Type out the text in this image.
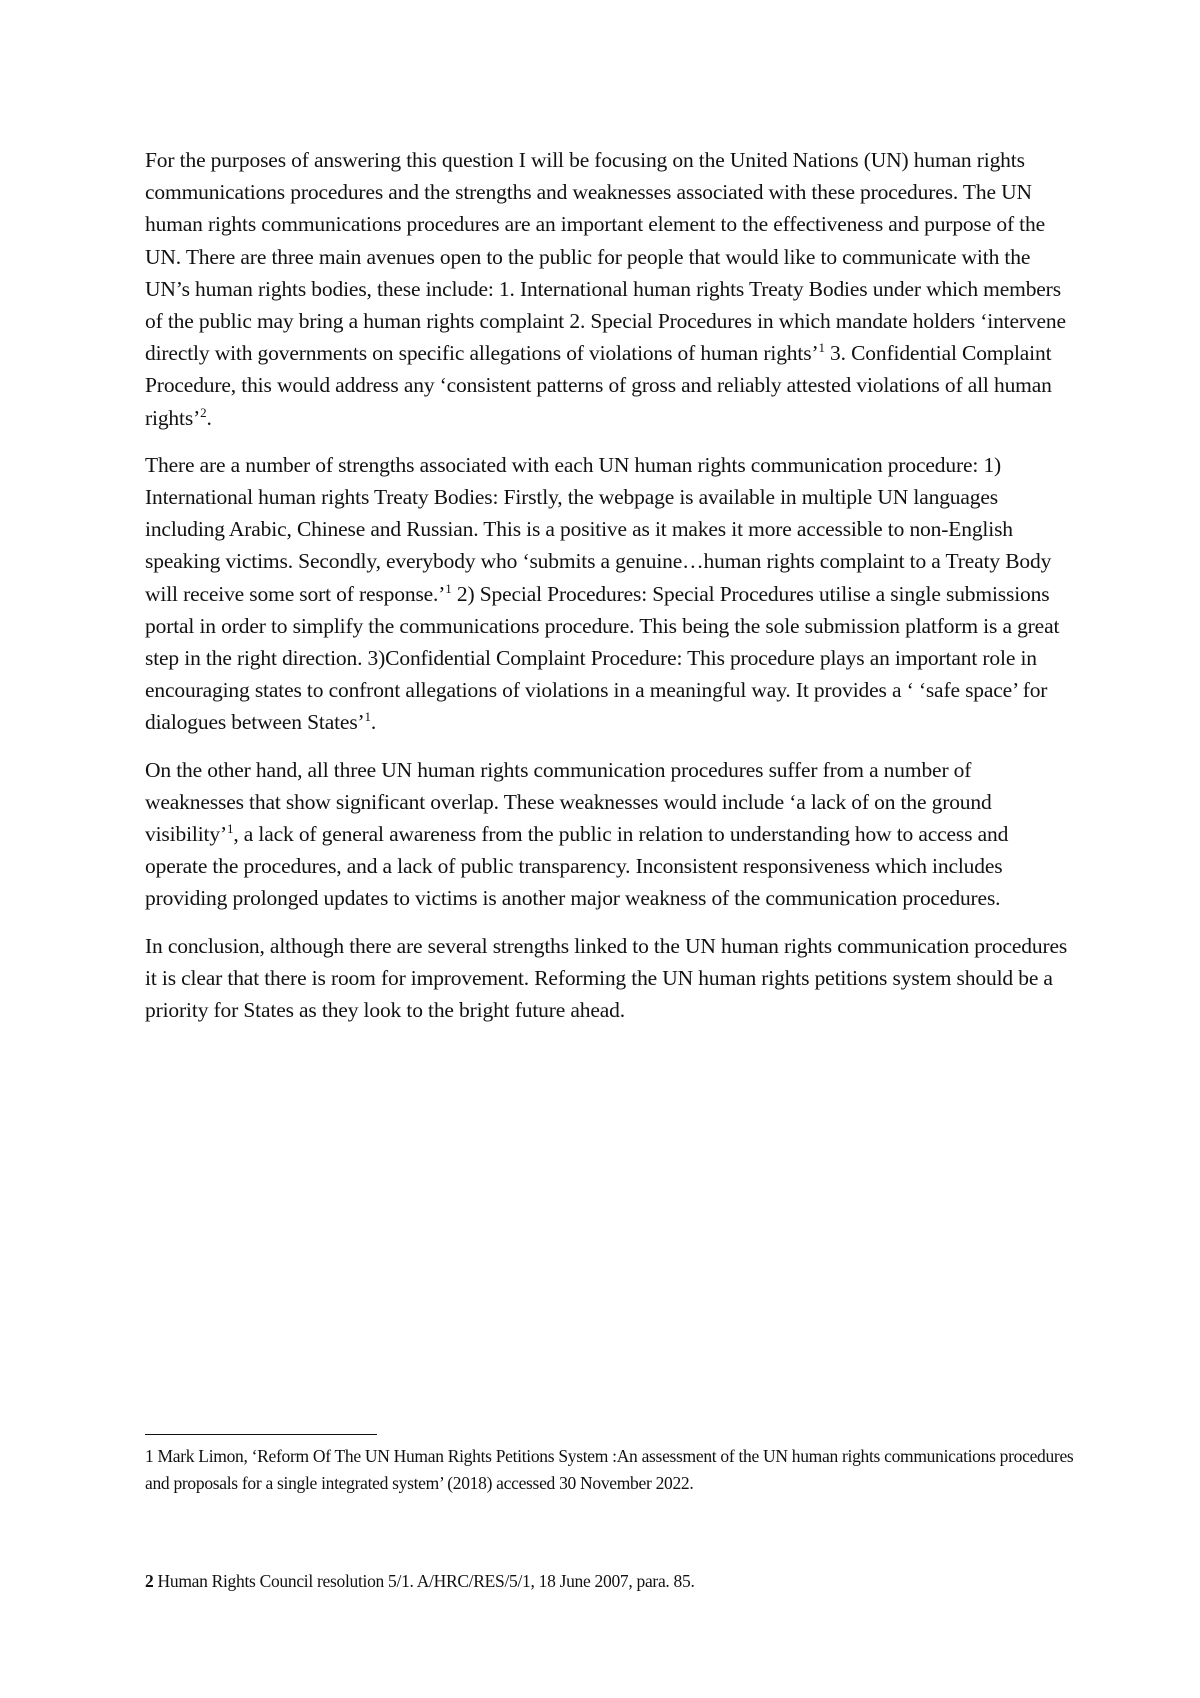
For the purposes of answering this question I will be focusing on the United Nations (UN) human rights communications procedures and the strengths and weaknesses associated with these procedures. The UN human rights communications procedures are an important element to the effectiveness and purpose of the UN. There are three main avenues open to the public for people that would like to communicate with the UN’s human rights bodies, these include: 1. International human rights Treaty Bodies under which members of the public may bring a human rights complaint 2. Special Procedures in which mandate holders ‘intervene directly with governments on specific allegations of violations of human rights’$^1$ 3. Confidential Complaint Procedure, this would address any ‘consistent patterns of gross and reliably attested violations of all human rights’$^2$.

There are a number of strengths associated with each UN human rights communication procedure: 1) International human rights Treaty Bodies: Firstly, the webpage is available in multiple UN languages including Arabic, Chinese and Russian. This is a positive as it makes it more accessible to non-English speaking victims. Secondly, everybody who ‘submits a genuine…human rights complaint to a Treaty Body will receive some sort of response.’$^1$ 2) Special Procedures: Special Procedures utilise a single submissions portal in order to simplify the communications procedure. This being the sole submission platform is a great step in the right direction. 3)Confidential Complaint Procedure: This procedure plays an important role in encouraging states to confront allegations of violations in a meaningful way. It provides a ‘ ‘safe space’ for dialogues between States’$^1$.

On the other hand, all three UN human rights communication procedures suffer from a number of weaknesses that show significant overlap. These weaknesses would include ‘a lack of on the ground visibility’$^1$, a lack of general awareness from the public in relation to understanding how to access and operate the procedures, and a lack of public transparency. Inconsistent responsiveness which includes providing prolonged updates to victims is another major weakness of the communication procedures.

In conclusion, although there are several strengths linked to the UN human rights communication procedures it is clear that there is room for improvement. Reforming the UN human rights petitions system should be a priority for States as they look to the bright future ahead.

1 Mark Limon, ‘Reform Of The UN Human Rights Petitions System :An assessment of the UN human rights communications procedures and proposals for a single integrated system’ (2018) accessed 30 November 2022.
2 Human Rights Council resolution 5/1. A/HRC/RES/5/1, 18 June 2007, para. 85.
